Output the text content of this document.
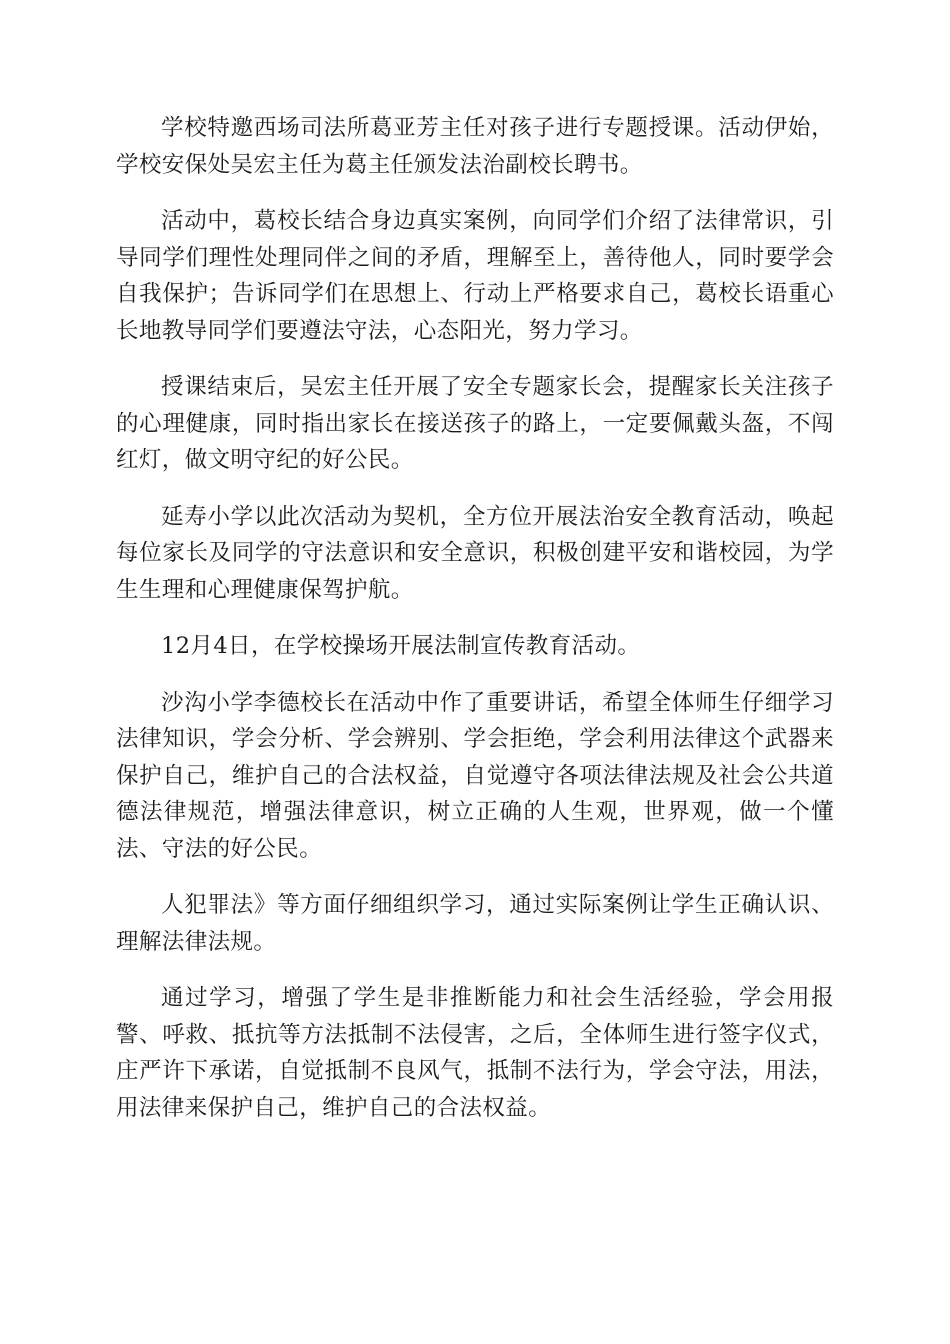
学校特邀西场司法所葛亚芳主任对孩子进行专题授课。活动伊始，学校安保处吴宏主任为葛主任颁发法治副校长聘书。

活动中，葛校长结合身边真实案例，向同学们介绍了法律常识，引导同学们理性处理同伴之间的矛盾，理解至上，善待他人，同时要学会自我保护；告诉同学们在思想上、行动上严格要求自己，葛校长语重心长地教导同学们要遵法守法，心态阳光，努力学习。

授课结束后，吴宏主任开展了安全专题家长会，提醒家长关注孩子的心理健康，同时指出家长在接送孩子的路上，一定要佩戴头盔，不闯红灯，做文明守纪的好公民。

延寿小学以此次活动为契机，全方位开展法治安全教育活动，唤起每位家长及同学的守法意识和安全意识，积极创建平安和谐校园，为学生生理和心理健康保驾护航。

12月4日，在学校操场开展法制宣传教育活动。

沙沟小学李德校长在活动中作了重要讲话，希望全体师生仔细学习法律知识，学会分析、学会辨别、学会拒绝，学会利用法律这个武器来保护自己，维护自己的合法权益，自觉遵守各项法律法规及社会公共道德法律规范，增强法律意识，树立正确的人生观，世界观，做一个懂法、守法的好公民。

人犯罪法》等方面仔细组织学习，通过实际案例让学生正确认识、理解法律法规。

通过学习，增强了学生是非推断能力和社会生活经验，学会用报警、呼救、抵抗等方法抵制不法侵害，之后，全体师生进行签字仪式，庄严许下承诺，自觉抵制不良风气，抵制不法行为，学会守法，用法，用法律来保护自己，维护自己的合法权益。
